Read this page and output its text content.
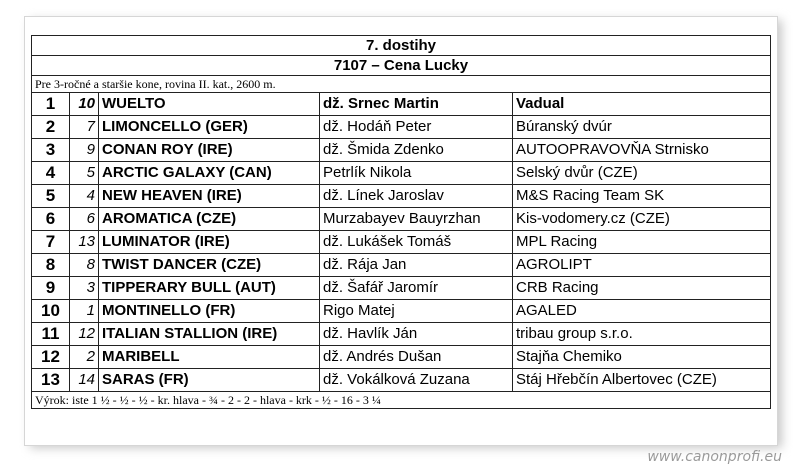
7. dostihy				
7107 – Cena Lucky				
Pre 3-ročné a staršie kone, rovina II. kat., 2600 m.				
1	10	WUELTO	dž. Srnec Martin	Vadual
2	7	LIMONCELLO (GER)	dž. Hodáň Peter	Búranský dvúr
3	9	CONAN ROY (IRE)	dž. Šmida Zdenko	AUTOOPRAVOVŇA Strnisko
4	5	ARCTIC GALAXY (CAN)	Petrlík Nikola	Selský dvůr (CZE)
5	4	NEW HEAVEN (IRE)	dž. Línek Jaroslav	M&S Racing Team SK
6	6	AROMATICA (CZE)	Murzabayev Bauyrzhan	Kis-vodomery.cz (CZE)
7	13	LUMINATOR (IRE)	dž. Lukášek Tomáš	MPL Racing
8	8	TWIST DANCER (CZE)	dž. Rája Jan	AGROLIPT
9	3	TIPPERARY BULL (AUT)	dž. Šafář Jaromír	CRB Racing
10	1	MONTINELLO (FR)	Rigo Matej	AGALED
11	12	ITALIAN STALLION (IRE)	dž. Havlík Ján	tribau group s.r.o.
12	2	MARIBELL	dž. Andrés Dušan	Stajňa Chemiko
13	14	SARAS (FR)	dž. Vokálková Zuzana	Stáj Hřebčín Albertovec (CZE)
Výrok: iste 1 ½ - ½ - ½ - kr. hlava - ¾ - 2 - 2 - hlava - krk - ½ - 16 - 3 ¼				
www.canonprofi.eu
